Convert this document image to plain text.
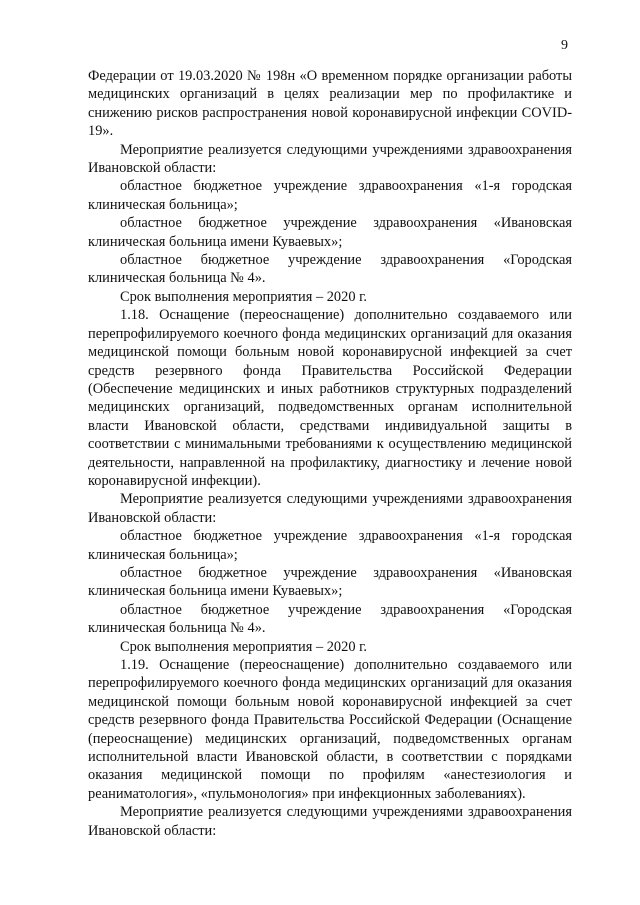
9

Федерации от 19.03.2020 № 198н «О временном порядке организации работы медицинских организаций в целях реализации мер по профилактике и снижению рисков распространения новой коронавирусной инфекции COVID-19».

Мероприятие реализуется следующими учреждениями здравоохранения Ивановской области:

областное бюджетное учреждение здравоохранения «1-я городская клиническая больница»;

областное бюджетное учреждение здравоохранения «Ивановская клиническая больница имени Куваевых»;

областное бюджетное учреждение здравоохранения «Городская клиническая больница № 4».

Срок выполнения мероприятия – 2020 г.

1.18. Оснащение (переоснащение) дополнительно создаваемого или перепрофилируемого коечного фонда медицинских организаций для оказания медицинской помощи больным новой коронавирусной инфекцией за счет средств резервного фонда Правительства Российской Федерации (Обеспечение медицинских и иных работников структурных подразделений медицинских организаций, подведомственных органам исполнительной власти Ивановской области, средствами индивидуальной защиты в соответствии с минимальными требованиями к осуществлению медицинской деятельности, направленной на профилактику, диагностику и лечение новой коронавирусной инфекции).

Мероприятие реализуется следующими учреждениями здравоохранения Ивановской области:

областное бюджетное учреждение здравоохранения «1-я городская клиническая больница»;

областное бюджетное учреждение здравоохранения «Ивановская клиническая больница имени Куваевых»;

областное бюджетное учреждение здравоохранения «Городская клиническая больница № 4».

Срок выполнения мероприятия – 2020 г.

1.19. Оснащение (переоснащение) дополнительно создаваемого или перепрофилируемого коечного фонда медицинских организаций для оказания медицинской помощи больным новой коронавирусной инфекцией за счет средств резервного фонда Правительства Российской Федерации (Оснащение (переоснащение) медицинских организаций, подведомственных органам исполнительной власти Ивановской области, в соответствии с порядками оказания медицинской помощи по профилям «анестезиология и реаниматология», «пульмонология» при инфекционных заболеваниях).

Мероприятие реализуется следующими учреждениями здравоохранения Ивановской области:
